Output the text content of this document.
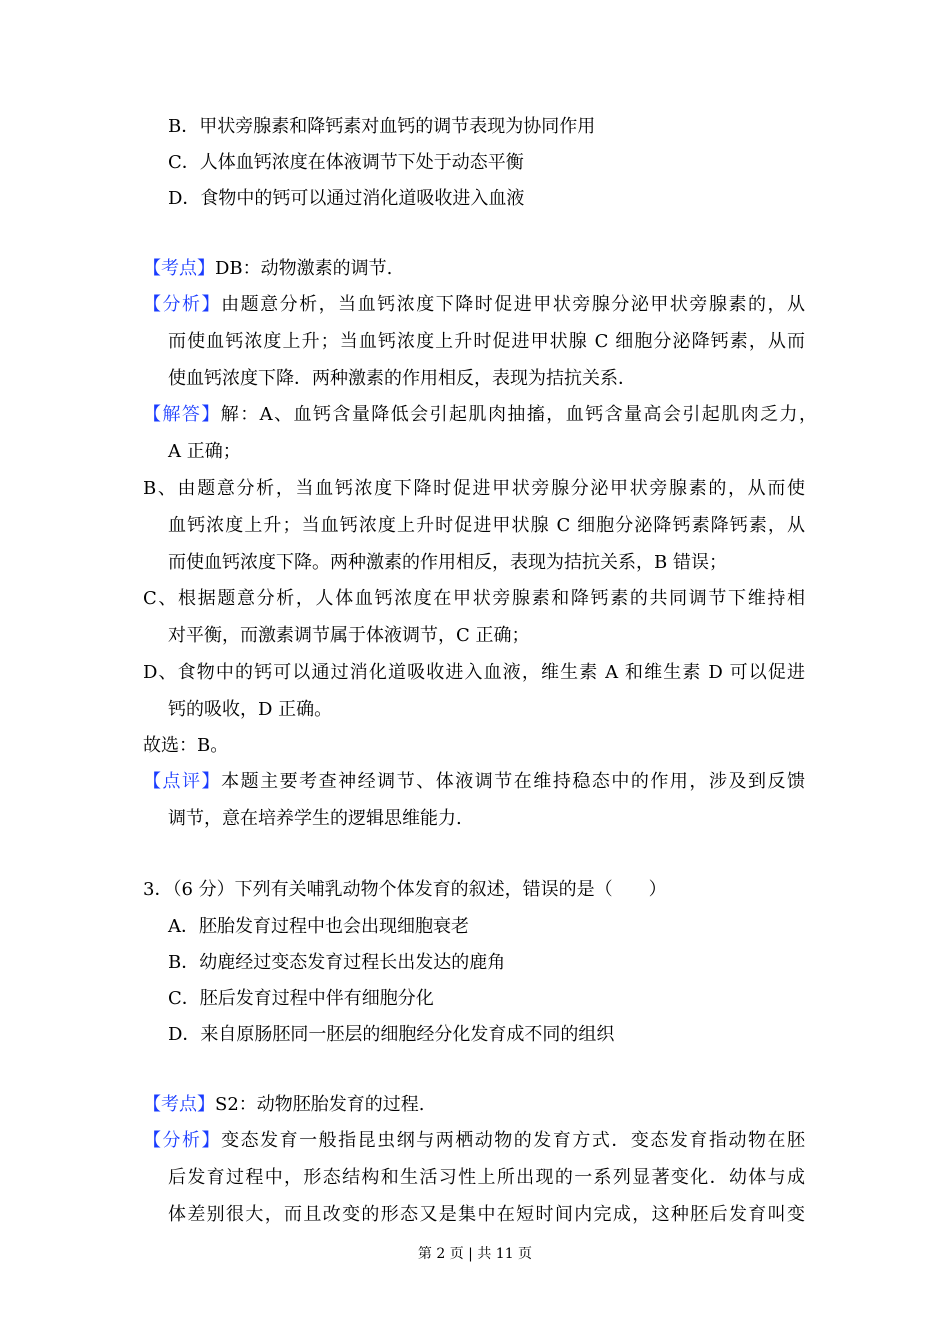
B．甲状旁腺素和降钙素对血钙的调节表现为协同作用
C．人体血钙浓度在体液调节下处于动态平衡
D．食物中的钙可以通过消化道吸收进入血液
【考点】DB：动物激素的调节.
【分析】由题意分析，当血钙浓度下降时促进甲状旁腺分泌甲状旁腺素的，从
而使血钙浓度上升；当血钙浓度上升时促进甲状腺 C 细胞分泌降钙素，从而
使血钙浓度下降．两种激素的作用相反，表现为拮抗关系．
【解答】解：A、血钙含量降低会引起肌肉抽搐，血钙含量高会引起肌肉乏力，
A 正确；
B、由题意分析，当血钙浓度下降时促进甲状旁腺分泌甲状旁腺素的，从而使
血钙浓度上升；当血钙浓度上升时促进甲状腺 C 细胞分泌降钙素降钙素，从
而使血钙浓度下降。两种激素的作用相反，表现为拮抗关系，B 错误；
C、根据题意分析，人体血钙浓度在甲状旁腺素和降钙素的共同调节下维持相
对平衡，而激素调节属于体液调节，C 正确；
D、食物中的钙可以通过消化道吸收进入血液，维生素 A 和维生素 D 可以促进
钙的吸收，D 正确。
故选：B。
【点评】本题主要考查神经调节、体液调节在维持稳态中的作用，涉及到反馈
调节，意在培养学生的逻辑思维能力.
3．（6 分）下列有关哺乳动物个体发育的叙述，错误的是（　　）
A．胚胎发育过程中也会出现细胞衰老
B．幼鹿经过变态发育过程长出发达的鹿角
C．胚后发育过程中伴有细胞分化
D．来自原肠胚同一胚层的细胞经分化发育成不同的组织
【考点】S2：动物胚胎发育的过程.
【分析】变态发育一般指昆虫纲与两栖动物的发育方式．变态发育指动物在胚
后发育过程中，形态结构和生活习性上所出现的一系列显著变化．幼体与成
体差别很大，而且改变的形态又是集中在短时间内完成，这种胚后发育叫变
第 2 页 | 共 11 页
